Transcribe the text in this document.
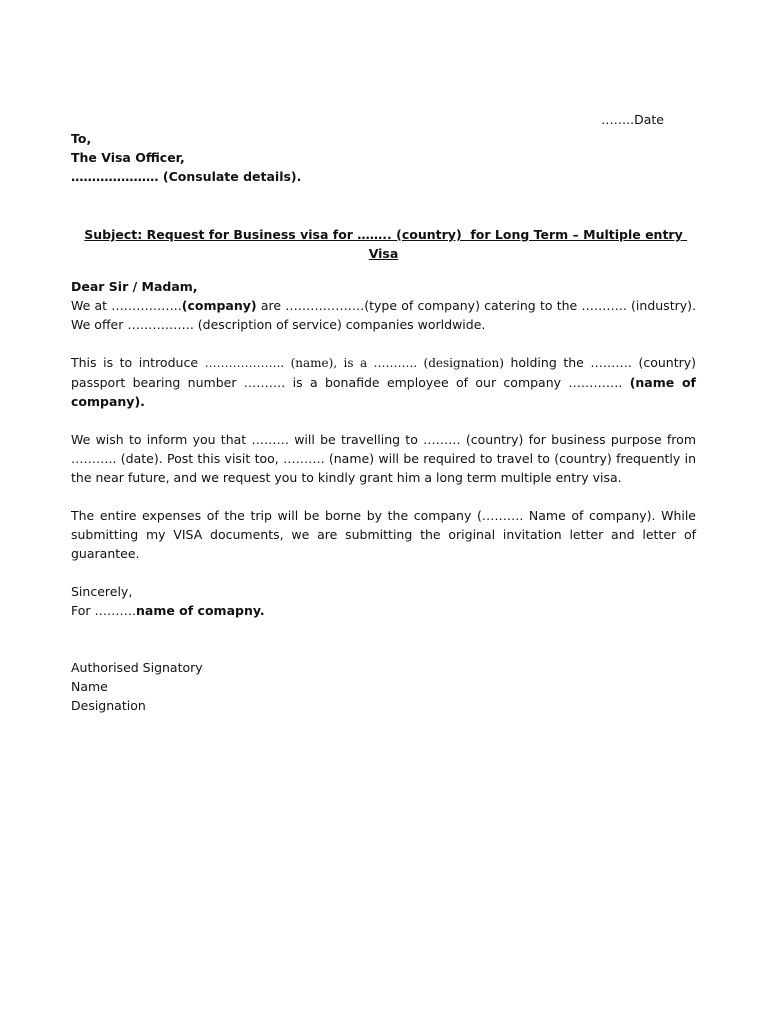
……..Date
To,
The Visa Officer,
………………… (Consulate details).
Subject: Request for Business visa for …….. (country)  for Long Term – Multiple entry Visa
Dear Sir / Madam,
We at ……………..(company) are ……………….(type of company) catering to the ……….. (industry). We offer ……………. (description of service) companies worldwide.
This is to introduce ……………….. (name), is a ……….. (designation) holding the ………. (country) passport bearing number ………. is a bonafide employee of our company …………. (name of company).
We wish to inform you that ……… will be travelling to ……… (country) for business purpose from ……….. (date). Post this visit too, ………. (name) will be required to travel to (country) frequently in the near future, and we request you to kindly grant him a long term multiple entry visa.
The entire expenses of the trip will be borne by the company (………. Name of company). While submitting my VISA documents, we are submitting the original invitation letter and letter of guarantee.
Sincerely,
For ……….name of comapny.
Authorised Signatory
Name
Designation
